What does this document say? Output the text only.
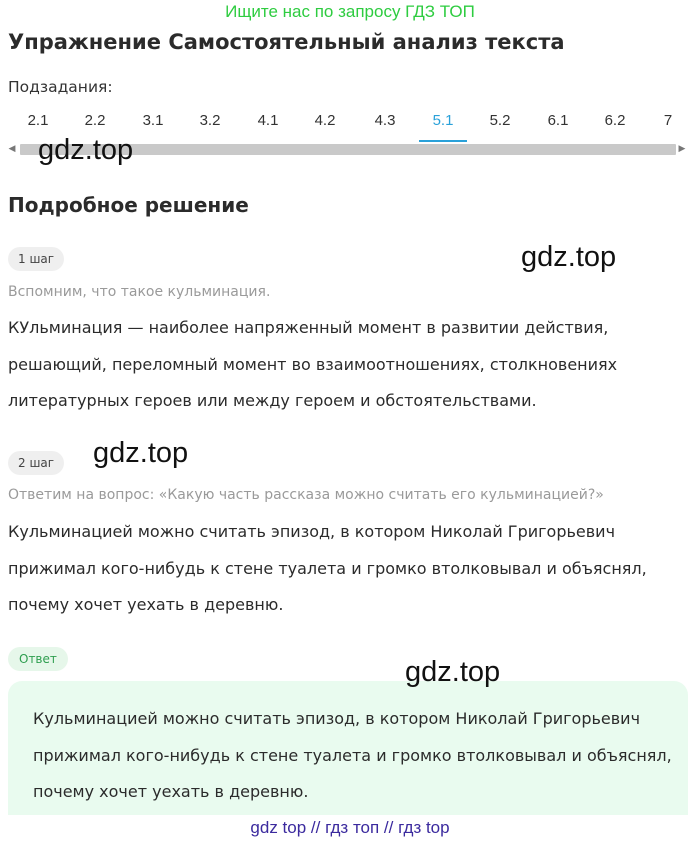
Ищите нас по запросу ГДЗ ТОП
Упражнение Самостоятельный анализ текста
Подзадания:
2.1	2.2	3.1	3.2	4.1	4.2	4.3	5.1	5.2	6.1	6.2	7
◀	▶
gdz.top
Подробное решение
1 шаг	gdz.top
Вспомним, что такое кульминация.
КУльминация — наиболее напряженный момент в развитии действия, решающий, переломный момент во взаимоотношениях, столкновениях литературных героев или между героем и обстоятельствами.
2 шаг	gdz.top
Ответим на вопрос: «Какую часть рассказа можно считать его кульминацией?»
Кульминацией можно считать эпизод, в котором Николай Григорьевич прижимал кого-нибудь к стене туалета и громко втолковывал и объяснял, почему хочет уехать в деревню.
Ответ
Кульминацией можно считать эпизод, в котором Николай Григорьевич прижимал кого-нибудь к стене туалета и громко втолковывал и объяснял, почему хочет уехать в деревню.
gdz.top
gdz top // гдз топ // гдз top
